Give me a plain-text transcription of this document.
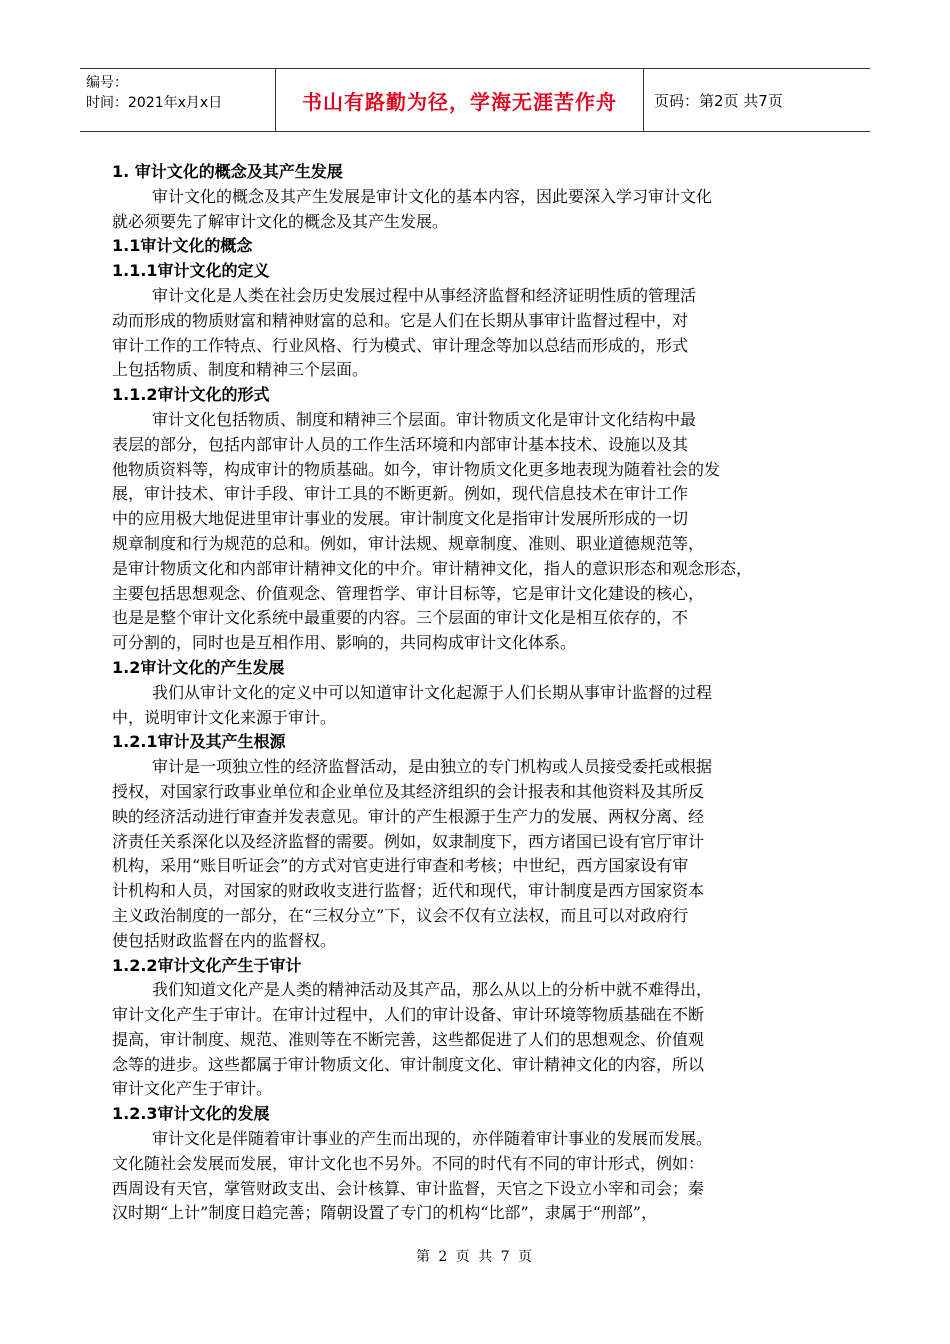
编号：
时间：2021年x月x日	书山有路勤为径，学海无涯苦作舟 页码：第2页 共7页
1. 审计文化的概念及其产生发展
审计文化的概念及其产生发展是审计文化的基本内容，因此要深入学习审计文化
就必须要先了解审计文化的概念及其产生发展。
1.1审计文化的概念
1.1.1审计文化的定义
审计文化是人类在社会历史发展过程中从事经济监督和经济证明性质的管理活
动而形成的物质财富和精神财富的总和。它是人们在长期从事审计监督过程中，对
审计工作的工作特点、行业风格、行为模式、审计理念等加以总结而形成的，形式
上包括物质、制度和精神三个层面。
1.1.2审计文化的形式
审计文化包括物质、制度和精神三个层面。审计物质文化是审计文化结构中最
表层的部分，包括内部审计人员的工作生活环境和内部审计基本技术、设施以及其
他物质资料等，构成审计的物质基础。如今，审计物质文化更多地表现为随着社会的发
展，审计技术、审计手段、审计工具的不断更新。例如，现代信息技术在审计工作
中的应用极大地促进里审计事业的发展。审计制度文化是指审计发展所形成的一切
规章制度和行为规范的总和。例如，审计法规、规章制度、准则、职业道德规范等，
是审计物质文化和内部审计精神文化的中介。审计精神文化，指人的意识形态和观念形态，
主要包括思想观念、价值观念、管理哲学、审计目标等，它是审计文化建设的核心，
也是是整个审计文化系统中最重要的内容。三个层面的审计文化是相互依存的，不
可分割的，同时也是互相作用、影响的，共同构成审计文化体系。
1.2审计文化的产生发展
我们从审计文化的定义中可以知道审计文化起源于人们长期从事审计监督的过程
中，说明审计文化来源于审计。
1.2.1审计及其产生根源
审计是一项独立性的经济监督活动，是由独立的专门机构或人员接受委托或根据
授权，对国家行政事业单位和企业单位及其经济组织的会计报表和其他资料及其所反
映的经济活动进行审查并发表意见。审计的产生根源于生产力的发展、两权分离、经
济责任关系深化以及经济监督的需要。例如，奴隶制度下，西方诸国已设有官厅审计
机构，采用“账目听证会”的方式对官吏进行审查和考核；中世纪，西方国家设有审
计机构和人员，对国家的财政收支进行监督；近代和现代，审计制度是西方国家资本
主义政治制度的一部分，在“三权分立”下，议会不仅有立法权，而且可以对政府行
使包括财政监督在内的监督权。
1.2.2审计文化产生于审计
我们知道文化产是人类的精神活动及其产品，那么从以上的分析中就不难得出，
审计文化产生于审计。在审计过程中，人们的审计设备、审计环境等物质基础在不断
提高，审计制度、规范、准则等在不断完善，这些都促进了人们的思想观念、价值观
念等的进步。这些都属于审计物质文化、审计制度文化、审计精神文化的内容，所以
审计文化产生于审计。
1.2.3审计文化的发展
审计文化是伴随着审计事业的产生而出现的，亦伴随着审计事业的发展而发展。
文化随社会发展而发展，审计文化也不另外。不同的时代有不同的审计形式，例如：
西周设有天官，掌管财政支出、会计核算、审计监督，天官之下设立小宰和司会；秦
汉时期“上计”制度日趋完善；隋朝设置了专门的机构“比部”，隶属于“刑部”，
第 2 页 共 7 页
